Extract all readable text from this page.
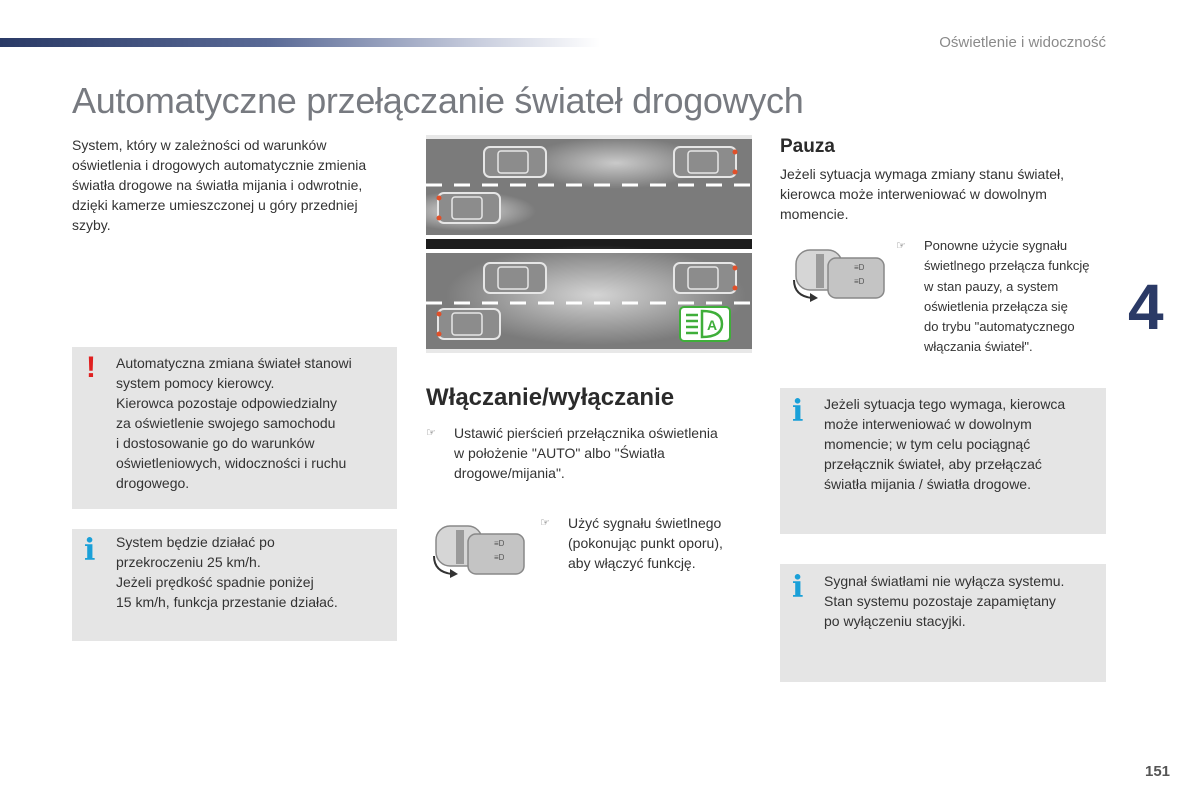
Oświetlenie i widoczność
Automatyczne przełączanie świateł drogowych
4
151
System, który w zależności od warunków
oświetlenia i drogowych automatycznie zmienia
światła drogowe na światła mijania i odwrotnie,
dzięki kamerze umieszczonej u góry przedniej
szyby.
! Automatyczna zmiana świateł stanowi
system pomocy kierowcy.
Kierowca pozostaje odpowiedzialny
za oświetlenie swojego samochodu
i dostosowanie go do warunków
oświetleniowych, widoczności i ruchu
drogowego.
i System będzie działać po
przekroczeniu 25 km/h.
Jeżeli prędkość spadnie poniżej
15 km/h, funkcja przestanie działać.
A
Włączanie/wyłączanie
☞ Ustawić pierścień przełącznika oświetlenia
w położenie "AUTO" albo "Światła
drogowe/mijania".
≡D
≡D
☞ Użyć sygnału świetlnego
(pokonując punkt oporu),
aby włączyć funkcję.
Pauza
Jeżeli sytuacja wymaga zmiany stanu świateł,
kierowca może interweniować w dowolnym
momencie.
≡D
≡D
☞ Ponowne użycie sygnału
świetlnego przełącza funkcję
w stan pauzy, a system
oświetlenia przełącza się
do trybu "automatycznego
włączania świateł".
i Jeżeli sytuacja tego wymaga, kierowca
może interweniować w dowolnym
momencie; w tym celu pociągnąć
przełącznik świateł, aby przełączać
światła mijania / światła drogowe.
i Sygnał światłami nie wyłącza systemu.
Stan systemu pozostaje zapamiętany
po wyłączeniu stacyjki.
